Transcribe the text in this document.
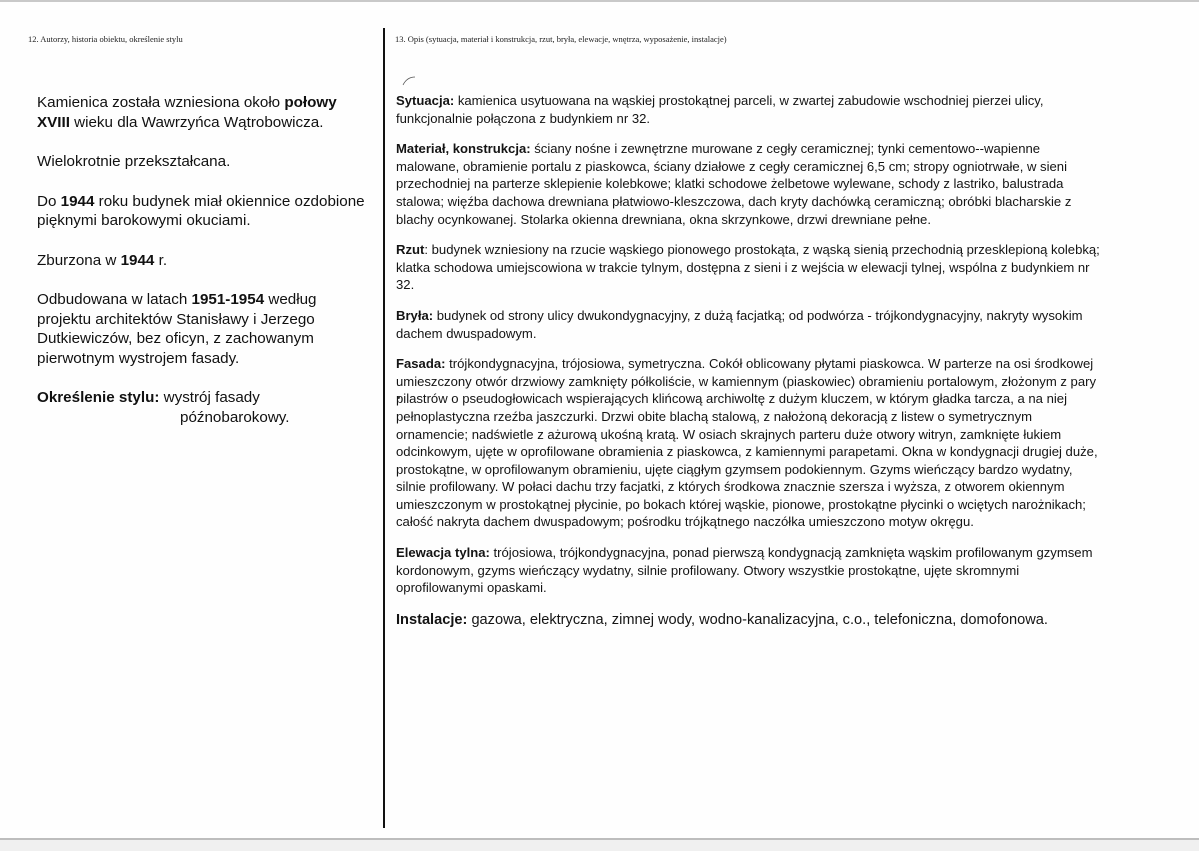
12. Autorzy, historia obiektu, określenie stylu	13. Opis (sytuacja, materiał i konstrukcja, rzut, bryła, elewacje, wnętrza, wyposażenie, instalacje)

Kamienica została wzniesiona około połowy XVIII wieku dla Wawrzyńca Wątrobowicza.

Wielokrotnie przekształcana.

Do 1944 roku budynek miał okiennice ozdobione pięknymi barokowymi okuciami.

Zburzona w 1944 r.

Odbudowana w latach 1951-1954 według projektu architektów Stanisławy i Jerzego Dutkiewiczów, bez oficyn, z zachowanym pierwotnym wystrojem fasady.

Określenie stylu: wystrój fasady
późnobarokowy.

Sytuacja: kamienica usytuowana na wąskiej prostokątnej parceli, w zwartej zabudowie wschodniej pierzei ulicy, funkcjonalnie połączona z budynkiem nr 32.

Materiał, konstrukcja: ściany nośne i zewnętrzne murowane z cegły ceramicznej; tynki cementowo--wapienne malowane, obramienie portalu z piaskowca, ściany działowe z cegły ceramicznej 6,5 cm; stropy ogniotrwałe, w sieni przechodniej na parterze sklepienie kolebkowe; klatki schodowe żelbetowe wylewane, schody z lastriko, balustrada stalowa; więźba dachowa drewniana płatwiowo-kleszczowa, dach kryty dachówką ceramiczną; obróbki blacharskie z blachy ocynkowanej. Stolarka okienna drewniana, okna skrzynkowe, drzwi drewniane pełne.

Rzut: budynek wzniesiony na rzucie wąskiego pionowego prostokąta, z wąską sienią przechodnią przesklepioną kolebką; klatka schodowa umiejscowiona w trakcie tylnym, dostępna z sieni i z wejścia w elewacji tylnej, wspólna z budynkiem nr 32.

Bryła: budynek od strony ulicy dwukondygnacyjny, z dużą facjatką; od podwórza - trójkondygnacyjny, nakryty wysokim dachem dwuspadowym.

Fasada: trójkondygnacyjna, trójosiowa, symetryczna. Cokół oblicowany płytami piaskowca. W parterze na osi środkowej umieszczony otwór drzwiowy zamknięty półkoliście, w kamiennym (piaskowiec) obramieniu portalowym, złożonym z pary pilastrów o pseudogłowicach wspierających klińcową archiwoltę z dużym kluczem, w którym gładka tarcza, a na niej pełnoplastyczna rzeźba jaszczurki. Drzwi obite blachą stalową, z nałożoną dekoracją z listew o symetrycznym ornamencie; nadświetle z ażurową ukośną kratą. W osiach skrajnych parteru duże otwory witryn, zamknięte łukiem odcinkowym, ujęte w oprofilowane obramienia z piaskowca, z kamiennymi parapetami. Okna w kondygnacji drugiej duże, prostokątne, w oprofilowanym obramieniu, ujęte ciągłym gzymsem podokiennym. Gzyms wieńczący bardzo wydatny, silnie profilowany. W połaci dachu trzy facjatki, z których środkowa znacznie szersza i wyższa, z otworem okiennym umieszczonym w prostokątnej płycinie, po bokach której wąskie, pionowe, prostokątne płycinki o wciętych narożnikach; całość nakryta dachem dwuspadowym; pośrodku trójkątnego naczółka umieszczono motyw okręgu.

Elewacja tylna: trójosiowa, trójkondygnacyjna, ponad pierwszą kondygnacją zamknięta wąskim profilowanym gzymsem kordonowym, gzyms wieńczący wydatny, silnie profilowany. Otwory wszystkie prostokątne, ujęte skromnymi oprofilowanymi opaskami.

Instalacje: gazowa, elektryczna, zimnej wody, wodno-kanalizacyjna, c.o., telefoniczna, domofonowa.
